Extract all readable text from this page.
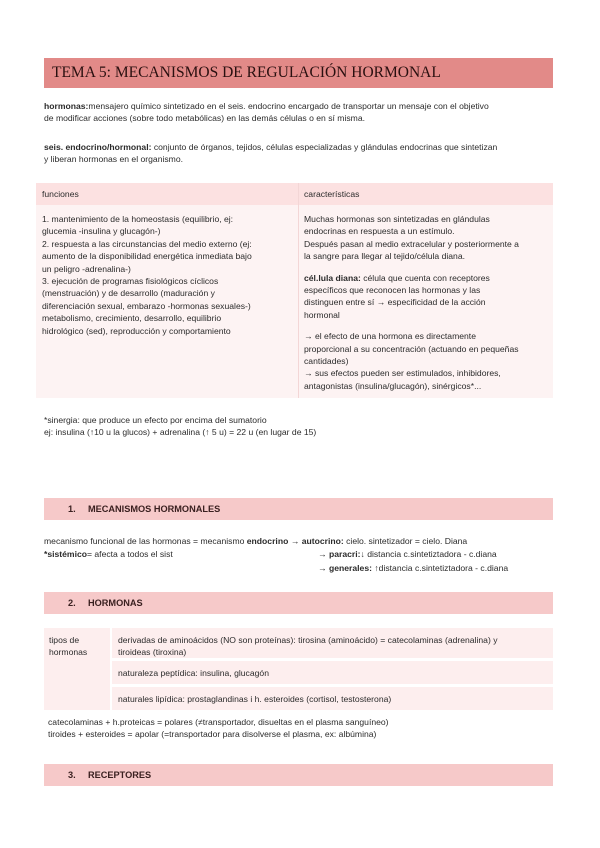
TEMA 5: MECANISMOS DE REGULACIÓN HORMONAL
hormonas:mensajero químico sintetizado en el seis. endocrino encargado de transportar un mensaje con el objetivo
de modificar acciones (sobre todo metabólicas) en las demás células o en sí misma.
seis. endocrino/hormonal: conjunto de órganos, tejidos, células especializadas y glándulas endocrinas que sintetizan
y liberan hormonas en el organismo.
funciones	características
1. mantenimiento de la homeostasis (equilibrio, ej:
glucemia -insulina y glucagón-)
2. respuesta a las circunstancias del medio externo (ej:
aumento de la disponibilidad energética inmediata bajo
un peligro -adrenalina-)
3. ejecución de programas fisiológicos cíclicos
(menstruación) y de desarrollo (maduración y
diferenciación sexual, embarazo -hormonas sexuales-)
metabolismo, crecimiento, desarrollo, equilibrio
hidrológico (sed), reproducción y comportamiento
Muchas hormonas son sintetizadas en glándulas
endocrinas en respuesta a un estímulo.
Después pasan al medio extracelular y posteriormente a
la sangre para llegar al tejido/célula diana.
cél.lula diana: célula que cuenta con receptores
específicos que reconocen las hormonas y las
distinguen entre sí → especificidad de la acción
hormonal
→ el efecto de una hormona es directamente
proporcional a su concentración (actuando en pequeñas
cantidades)
→ sus efectos pueden ser estimulados, inhibidores,
antagonistas (insulina/glucagón), sinérgicos*...
*sinergia: que produce un efecto por encima del sumatorio
ej: insulina (↑10 u la glucos) + adrenalina (↑ 5 u) = 22 u (en lugar de 15)
1. MECANISMOS HORMONALES
mecanismo funcional de las hormonas = mecanismo endocrino → autocrino: cielo. sintetizador = cielo. Diana
*sistémico= afecta a todos el sist	→ paracri:↓ distancia c.sintetiztadora - c.diana
→ generales: ↑distancia c.sintetiztadora - c.diana
2. HORMONAS
tipos de
hormonas
derivadas de aminoácidos (NO son proteínas): tirosina (aminoácido) = catecolaminas (adrenalina) y
tiroideas (tiroxina)
naturaleza peptídica: insulina, glucagón
naturales lipídica: prostaglandinas i h. esteroides (cortisol, testosterona)
catecolaminas + h.proteicas = polares (≠transportador, disueltas en el plasma sanguíneo)
tiroides + esteroides = apolar (=transportador para disolverse el plasma, ex: albúmina)
3. RECEPTORES
